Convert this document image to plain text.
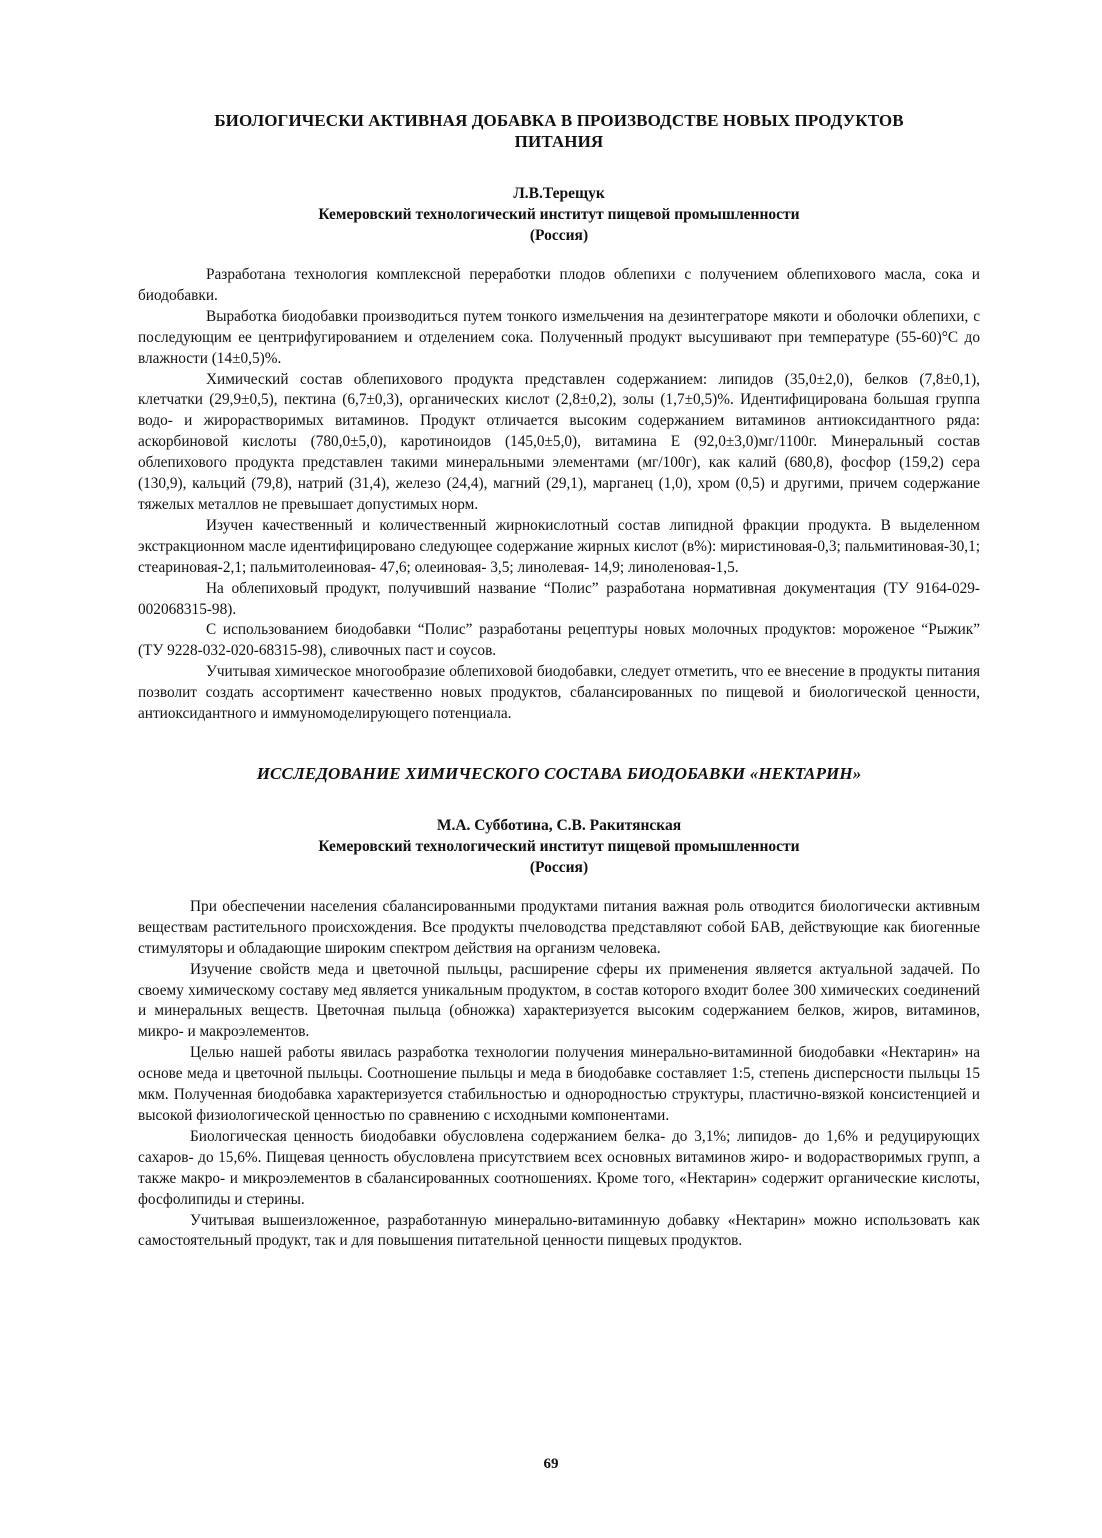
БИОЛОГИЧЕСКИ АКТИВНАЯ ДОБАВКА В ПРОИЗВОДСТВЕ НОВЫХ ПРОДУКТОВ

ПИТАНИЯ

Л.В.Терещук

Кемеровский технологический институт пищевой промышленности

(Россия)

Разработана технология комплексной переработки плодов облепихи с получением облепихового масла, сока и биодобавки.

Выработка биодобавки производиться путем тонкого измельчения на дезинтеграторе мякоти и оболочки облепихи, с последующим ее центрифугированием и отделением сока. Полученный продукт высушивают при температуре (55-60)°С до влажности (14±0,5)%.

Химический состав облепихового продукта представлен содержанием: липидов (35,0±2,0), белков (7,8±0,1), клетчатки (29,9±0,5), пектина (6,7±0,3), органических кислот (2,8±0,2), золы (1,7±0,5)%. Идентифицирована большая группа водо- и жирорастворимых витаминов. Продукт отличается высоким содержанием витаминов антиоксидантного ряда: аскорбиновой кислоты (780,0±5,0), каротиноидов (145,0±5,0), витамина Е (92,0±3,0)мг/1100г. Минеральный состав облепихового продукта представлен такими минеральными элементами (мг/100г), как калий (680,8), фосфор (159,2) сера (130,9), кальций (79,8), натрий (31,4), железо (24,4), магний (29,1), марганец (1,0), хром (0,5) и другими, причем содержание тяжелых металлов не превышает допустимых норм.

Изучен качественный и количественный жирнокислотный состав липидной фракции продукта. В выделенном экстракционном масле идентифицировано следующее содержание жирных кислот (в%): миристиновая-0,3; пальмитиновая-30,1; стеариновая-2,1; пальмитолеиновая- 47,6; олеиновая- 3,5; линолевая- 14,9; линоленовая-1,5.

На облепиховый продукт, получивший название “Полис” разработана нормативная документация (ТУ 9164-029-002068315-98).

С использованием биодобавки “Полис” разработаны рецептуры новых молочных продуктов: мороженое “Рыжик” (ТУ 9228-032-020-68315-98), сливочных паст и соусов.

Учитывая химическое многообразие облепиховой биодобавки, следует отметить, что ее внесение в продукты питания позволит создать ассортимент качественно новых продуктов, сбалансированных по пищевой и биологической ценности, антиоксидантного и иммуномоделирующего потенциала.

ИССЛЕДОВАНИЕ ХИМИЧЕСКОГО СОСТАВА БИОДОБАВКИ «НЕКТАРИН»

М.А. Субботина, С.В. Ракитянская

Кемеровский технологический институт пищевой промышленности

(Россия)

При обеспечении населения сбалансированными продуктами питания важная роль отводится биологически активным веществам растительного происхождения. Все продукты пчеловодства представляют собой БАВ, действующие как биогенные стимуляторы и обладающие широким спектром действия на организм человека.

Изучение свойств меда и цветочной пыльцы, расширение сферы их применения является актуальной задачей. По своему химическому составу мед является уникальным продуктом, в состав которого входит более 300 химических соединений и минеральных веществ. Цветочная пыльца (обножка) характеризуется высоким содержанием белков, жиров, витаминов, микро- и макроэлементов.

Целью нашей работы явилась разработка технологии получения минерально-витаминной биодобавки «Нектарин» на основе меда и цветочной пыльцы. Соотношение пыльцы и меда в биодобавке составляет 1:5, степень дисперсности пыльцы 15 мкм. Полученная биодобавка характеризуется стабильностью и однородностью структуры, пластично-вязкой консистенцией и высокой физиологической ценностью по сравнению с исходными компонентами.

Биологическая ценность биодобавки обусловлена содержанием белка- до 3,1%; липидов- до 1,6% и редуцирующих сахаров- до 15,6%. Пищевая ценность обусловлена присутствием всех основных витаминов жиро- и водорастворимых групп, а также макро- и микроэлементов в сбалансированных соотношениях. Кроме того, «Нектарин» содержит органические кислоты, фосфолипиды и стерины.

Учитывая вышеизложенное, разработанную минерально-витаминную добавку «Нектарин» можно использовать как самостоятельный продукт, так и для повышения питательной ценности пищевых продуктов.

69
